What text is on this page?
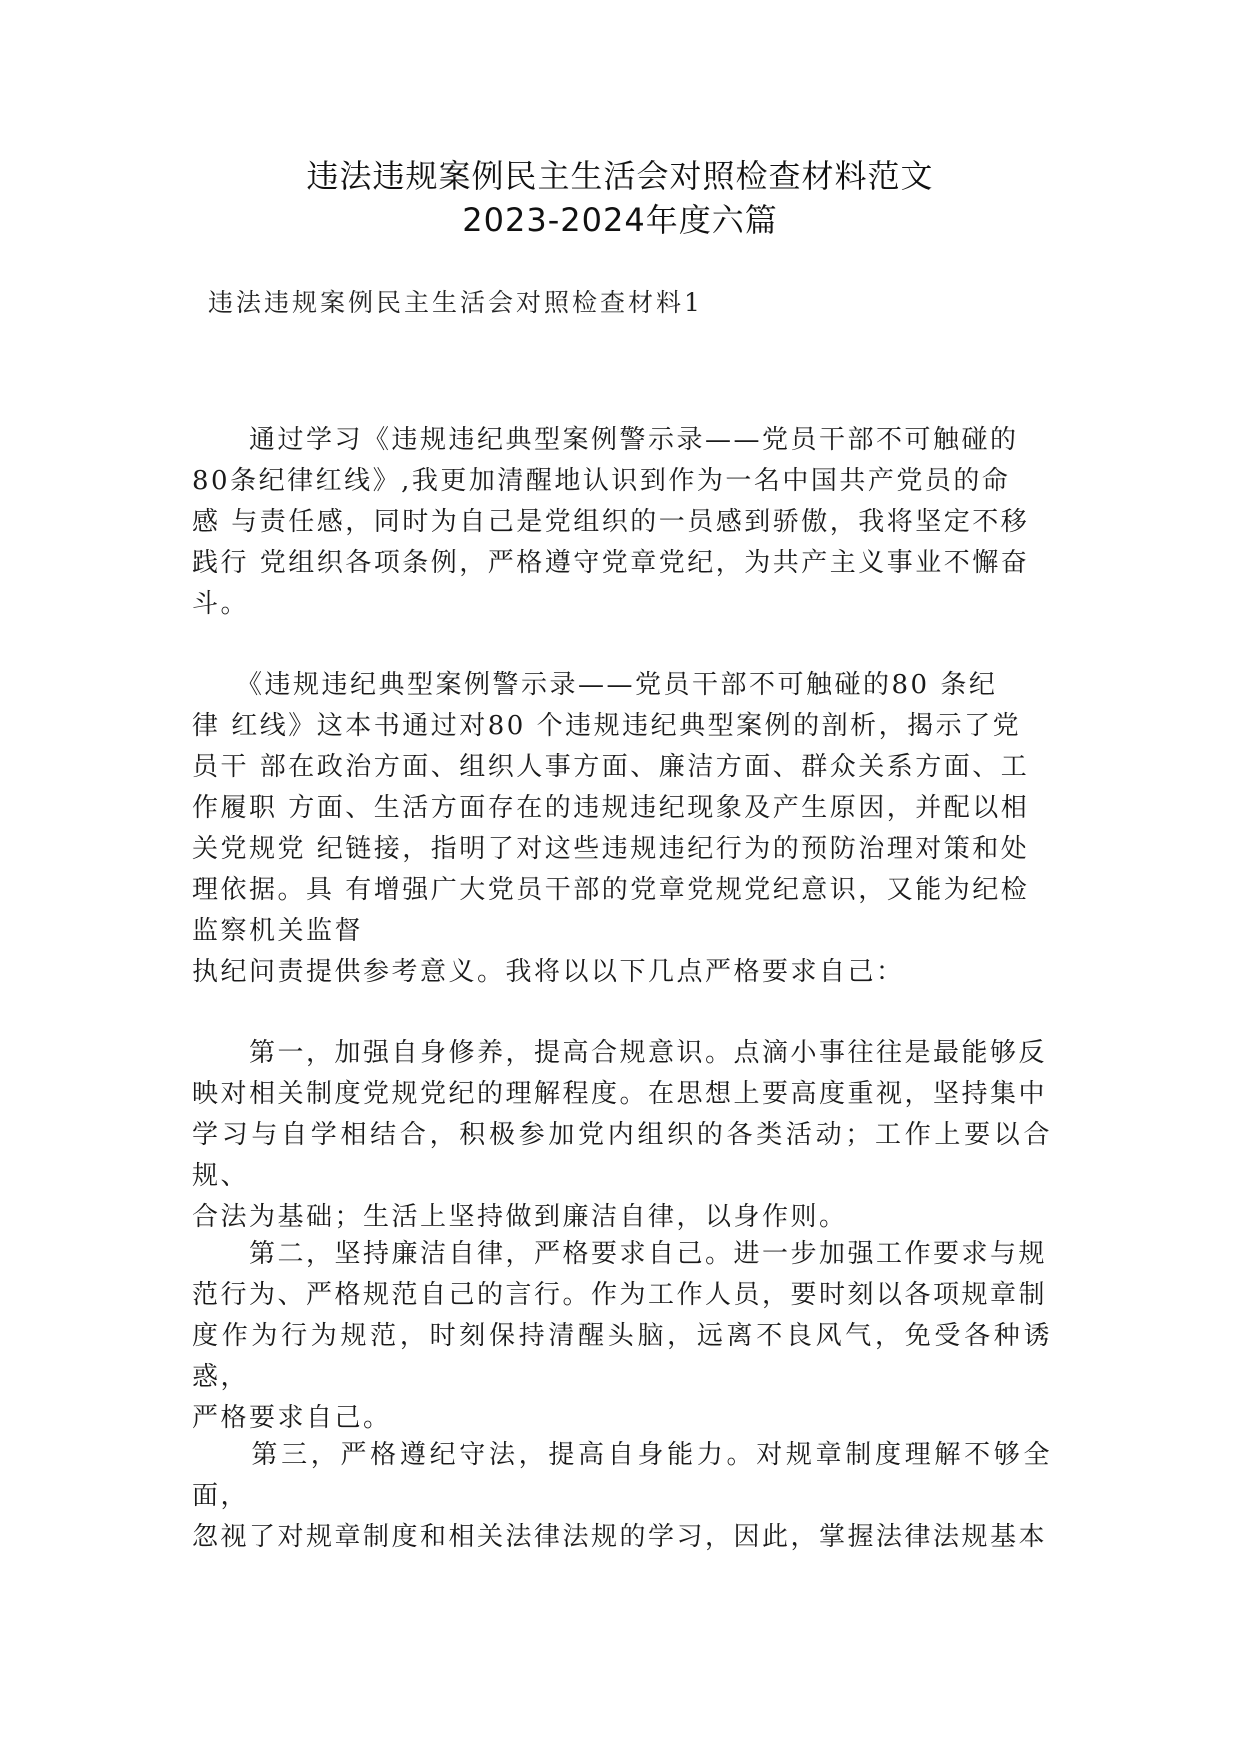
违法违规案例民主生活会对照检查材料范文
2023-2024年度六篇
违法违规案例民主生活会对照检查材料1

　　通过学习《违规违纪典型案例警示录——党员干部不可触碰的
80条纪律红线》,我更加清醒地认识到作为一名中国共产党员的命
感 与责任感，同时为自己是党组织的一员感到骄傲，我将坚定不移
践行 党组织各项条例，严格遵守党章党纪，为共产主义事业不懈奋
斗。

　　《违规违纪典型案例警示录——党员干部不可触碰的80 条纪
律 红线》这本书通过对80 个违规违纪典型案例的剖析，揭示了党
员干 部在政治方面、组织人事方面、廉洁方面、群众关系方面、工
作履职 方面、生活方面存在的违规违纪现象及产生原因，并配以相
关党规党 纪链接，指明了对这些违规违纪行为的预防治理对策和处
理依据。具 有增强广大党员干部的党章党规党纪意识，又能为纪检
监察机关监督
执纪问责提供参考意义。我将以以下几点严格要求自己：

　　第一，加强自身修养，提高合规意识。点滴小事往往是最能够反
映对相关制度党规党纪的理解程度。在思想上要高度重视，坚持集中
学习与自学相结合，积极参加党内组织的各类活动；工作上要以合规、
合法为基础；生活上坚持做到廉洁自律，以身作则。

　　第二，坚持廉洁自律，严格要求自己。进一步加强工作要求与规
范行为、严格规范自己的言行。作为工作人员，要时刻以各项规章制
度作为行为规范，时刻保持清醒头脑，远离不良风气，免受各种诱惑，
严格要求自己。

　　第三，严格遵纪守法，提高自身能力。对规章制度理解不够全面，
忽视了对规章制度和相关法律法规的学习，因此，掌握法律法规基本
